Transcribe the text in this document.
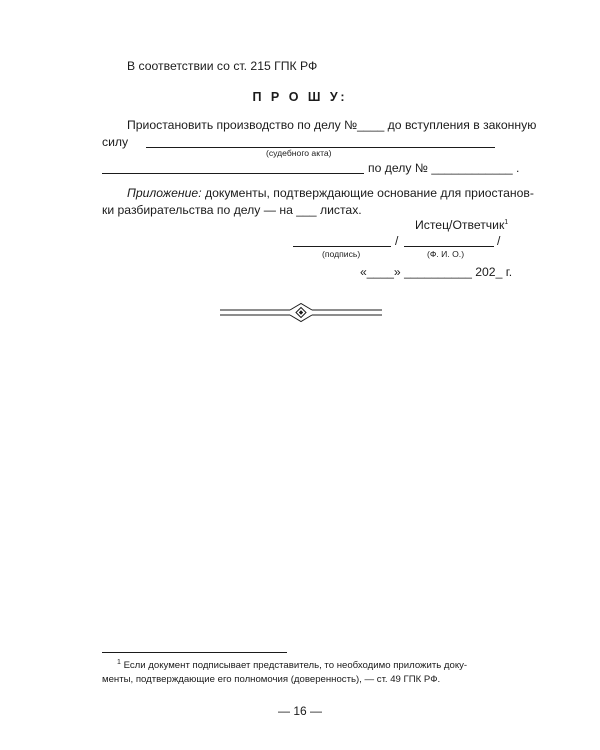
В соответствии со ст. 215 ГПК РФ
П Р О Ш У:
Приостановить производство по делу №____ до вступления в законную
силу
(судебного акта)
по делу № ____________ .
Приложение: документы, подтверждающие основание для приостанов-
ки разбирательства по делу — на ___ листах.
Истец/Ответчик$^1$
/	/
(подпись)	(Ф. И. О.)
«____» __________ 202_ г.
$^1$ Если документ подписывает представитель, то необходимо приложить доку-
менты, подтверждающие его полномочия (доверенность), — ст. 49 ГПК РФ.
— 16 —
